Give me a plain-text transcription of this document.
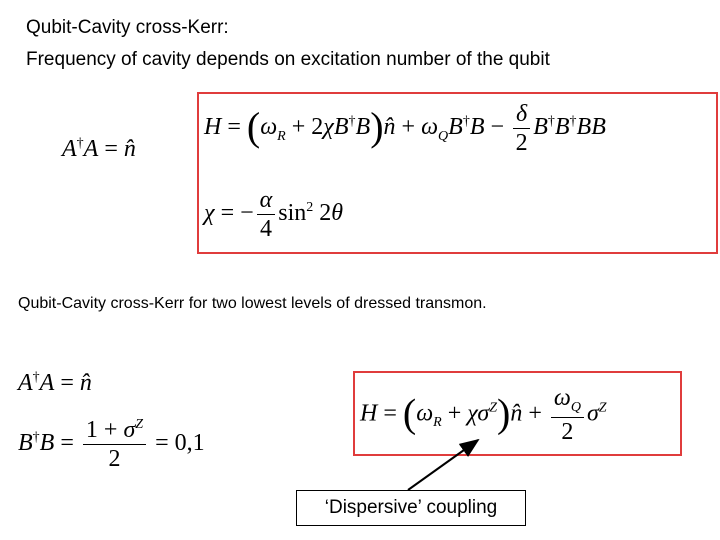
Qubit-Cavity cross-Kerr:
Frequency of cavity depends on excitation number of the qubit
A†A = n̂
$H = (\omega_R$ + 2χB†B)n̂ + $\omega_QB^\dagger B - \frac{\delta}{2} B^\dagger B^\dagger BB$
χ = − $\frac{\alpha}{4} \sin^2 2\theta$
Qubit-Cavity cross-Kerr for two lowest levels of dressed transmon.
A†A = n̂
$B^\dagger B = \frac{1 + \sigma^Z}{2} = 0,1$
$H = (\omega_R$ + $\chi\sigma^Z)n̂ + \frac{\omega_Q}{2} \sigma^Z$
‘Dispersive’ coupling
